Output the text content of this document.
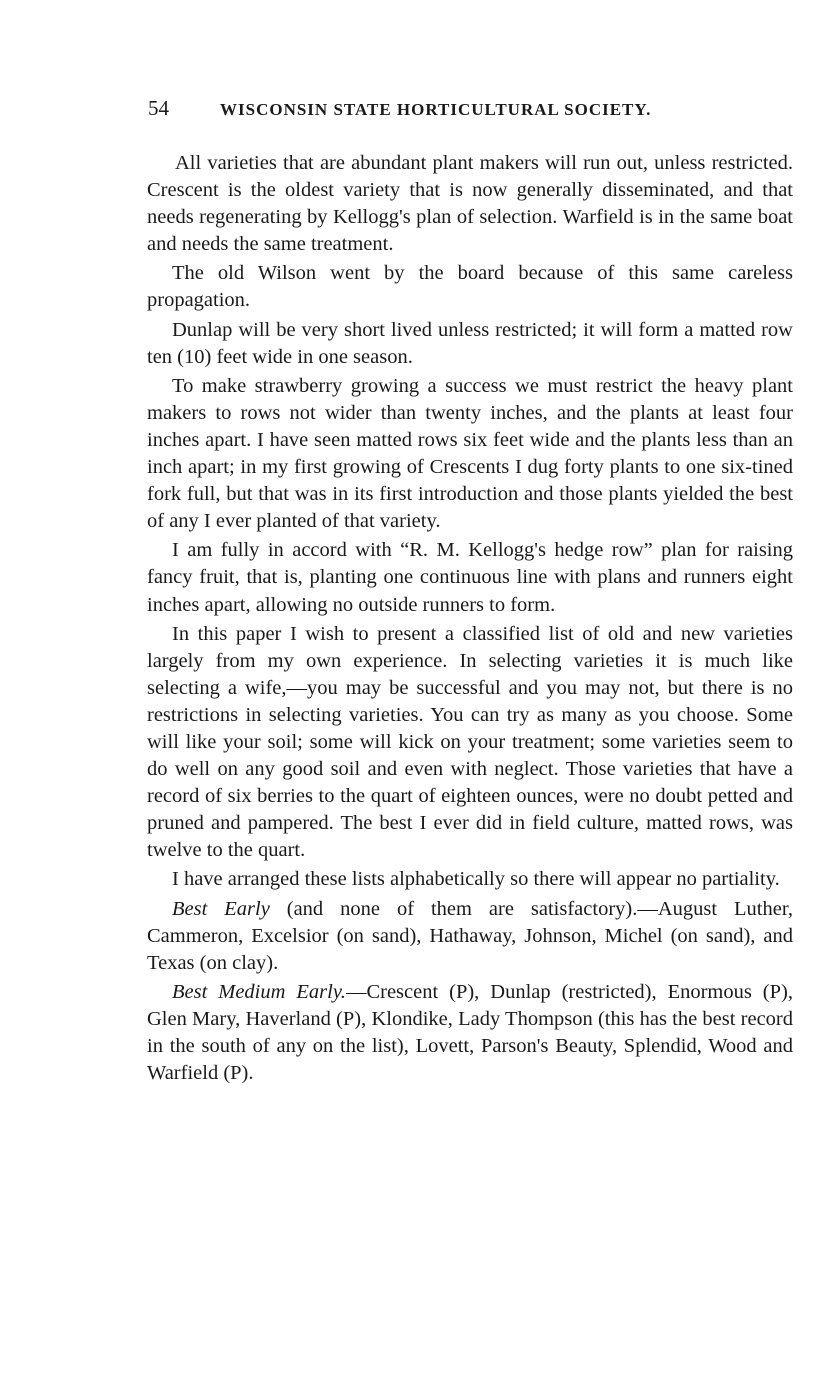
54	WISCONSIN STATE HORTICULTURAL SOCIETY.

All varieties that are abundant plant makers will run out, unless restricted. Crescent is the oldest variety that is now generally disseminated, and that needs regenerating by Kellogg's plan of selection. Warfield is in the same boat and needs the same treatment.

The old Wilson went by the board because of this same careless propagation.

Dunlap will be very short lived unless restricted; it will form a matted row ten (10) feet wide in one season.

To make strawberry growing a success we must restrict the heavy plant makers to rows not wider than twenty inches, and the plants at least four inches apart. I have seen matted rows six feet wide and the plants less than an inch apart; in my first growing of Crescents I dug forty plants to one six-tined fork full, but that was in its first introduction and those plants yielded the best of any I ever planted of that variety.

I am fully in accord with “R. M. Kellogg's hedge row” plan for raising fancy fruit, that is, planting one continuous line with plans and runners eight inches apart, allowing no outside runners to form.

In this paper I wish to present a classified list of old and new varieties largely from my own experience. In selecting varieties it is much like selecting a wife,—you may be successful and you may not, but there is no restrictions in selecting varieties. You can try as many as you choose. Some will like your soil; some will kick on your treatment; some varieties seem to do well on any good soil and even with neglect. Those varieties that have a record of six berries to the quart of eighteen ounces, were no doubt petted and pruned and pampered. The best I ever did in field culture, matted rows, was twelve to the quart.

I have arranged these lists alphabetically so there will appear no partiality.

Best Early (and none of them are satisfactory).—August Luther, Cammeron, Excelsior (on sand), Hathaway, Johnson, Michel (on sand), and Texas (on clay).

Best Medium Early.—Crescent (P), Dunlap (restricted), Enormous (P), Glen Mary, Haverland (P), Klondike, Lady Thompson (this has the best record in the south of any on the list), Lovett, Parson's Beauty, Splendid, Wood and Warfield (P).
